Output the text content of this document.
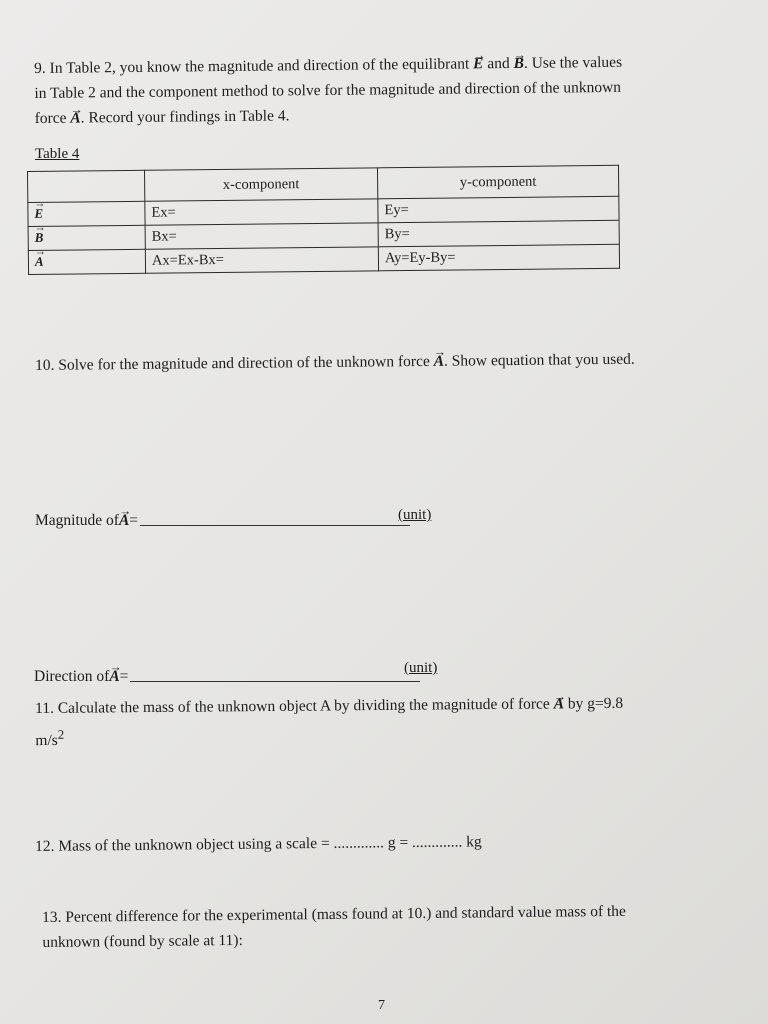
9. In Table 2, you know the magnitude and direction of the equilibrant → E and → B. Use the values
in Table 2 and the component method to solve for the magnitude and direction of the unknown
force → A. Record your findings in Table 4.
Table 4
	x-component	y-component
→ E	Ex=	Ey=
→ B	Bx=	By=
→ A	Ax=Ex-Bx=	Ay=Ey-By=
10. Solve for the magnitude and direction of the unknown force → A. Show equation that you used.
Magnitude of → A =	(unit)
Direction of → A =	(unit)
11. Calculate the mass of the unknown object A by dividing the magnitude of force → A by g=9.8
$m/s^2$
12. Mass of the unknown object using a scale = ............. g = ............. kg
13. Percent difference for the experimental (mass found at 10.) and standard value mass of the
unknown (found by scale at 11):
7
